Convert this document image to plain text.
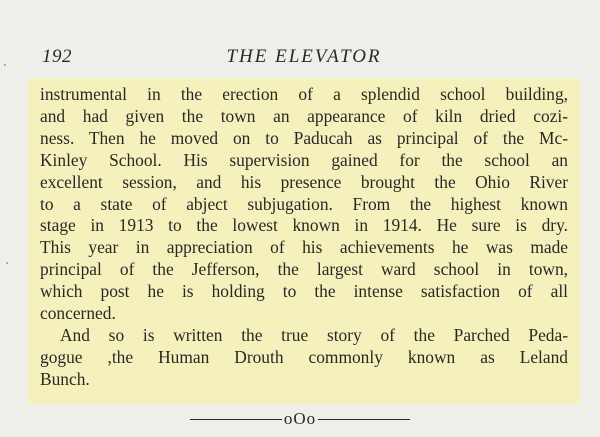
192	THE ELEVATOR
instrumental in the erection of a splendid school building,
and had given the town an appearance of kiln dried cozi-
ness. Then he moved on to Paducah as principal of the Mc-
Kinley School. His supervision gained for the school an
excellent session, and his presence brought the Ohio River
to a state of abject subjugation. From the highest known
stage in 1913 to the lowest known in 1914. He sure is dry.
This year in appreciation of his achievements he was made
principal of the Jefferson, the largest ward school in town,
which post he is holding to the intense satisfaction of all
concerned.
And so is written the true story of the Parched Peda-
gogue ,the Human Drouth commonly known as Leland
Bunch.
oOo
